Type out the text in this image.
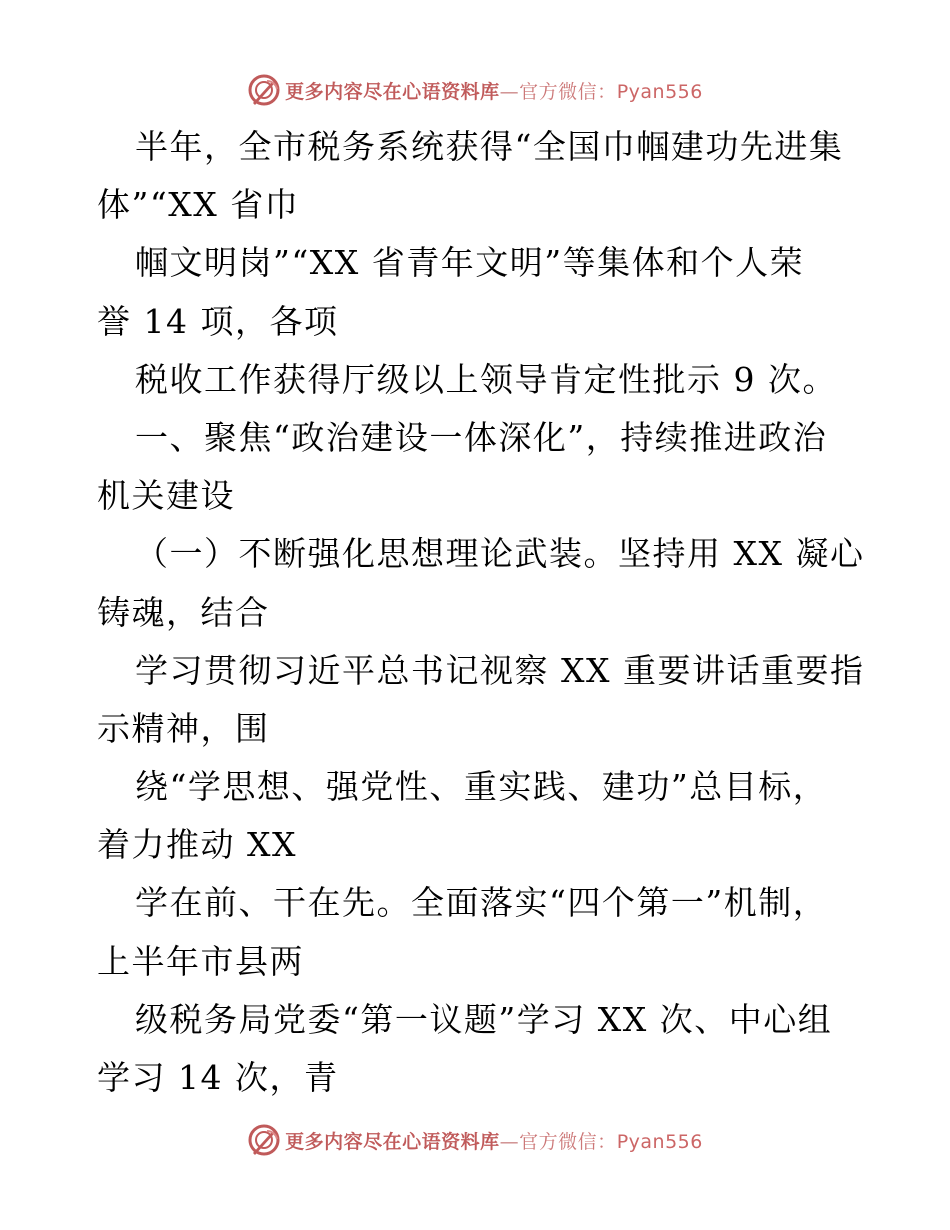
更多内容尽在心语资料库—官方微信：Pyan556
半年，全市税务系统获得“全国巾帼建功先进集
体”“XX 省巾
帼文明岗”“XX 省青年文明”等集体和个人荣
誉 14 项，各项
税收工作获得厅级以上领导肯定性批示 9 次。
一、聚焦“政治建设一体深化”，持续推进政治
机关建设
（一）不断强化思想理论武装。坚持用 XX 凝心
铸魂，结合
学习贯彻习近平总书记视察 XX 重要讲话重要指
示精神，围
绕“学思想、强党性、重实践、建功”总目标，
着力推动 XX
学在前、干在先。全面落实“四个第一”机制，
上半年市县两
级税务局党委“第一议题”学习 XX 次、中心组
学习 14 次，青
更多内容尽在心语资料库—官方微信：Pyan556
